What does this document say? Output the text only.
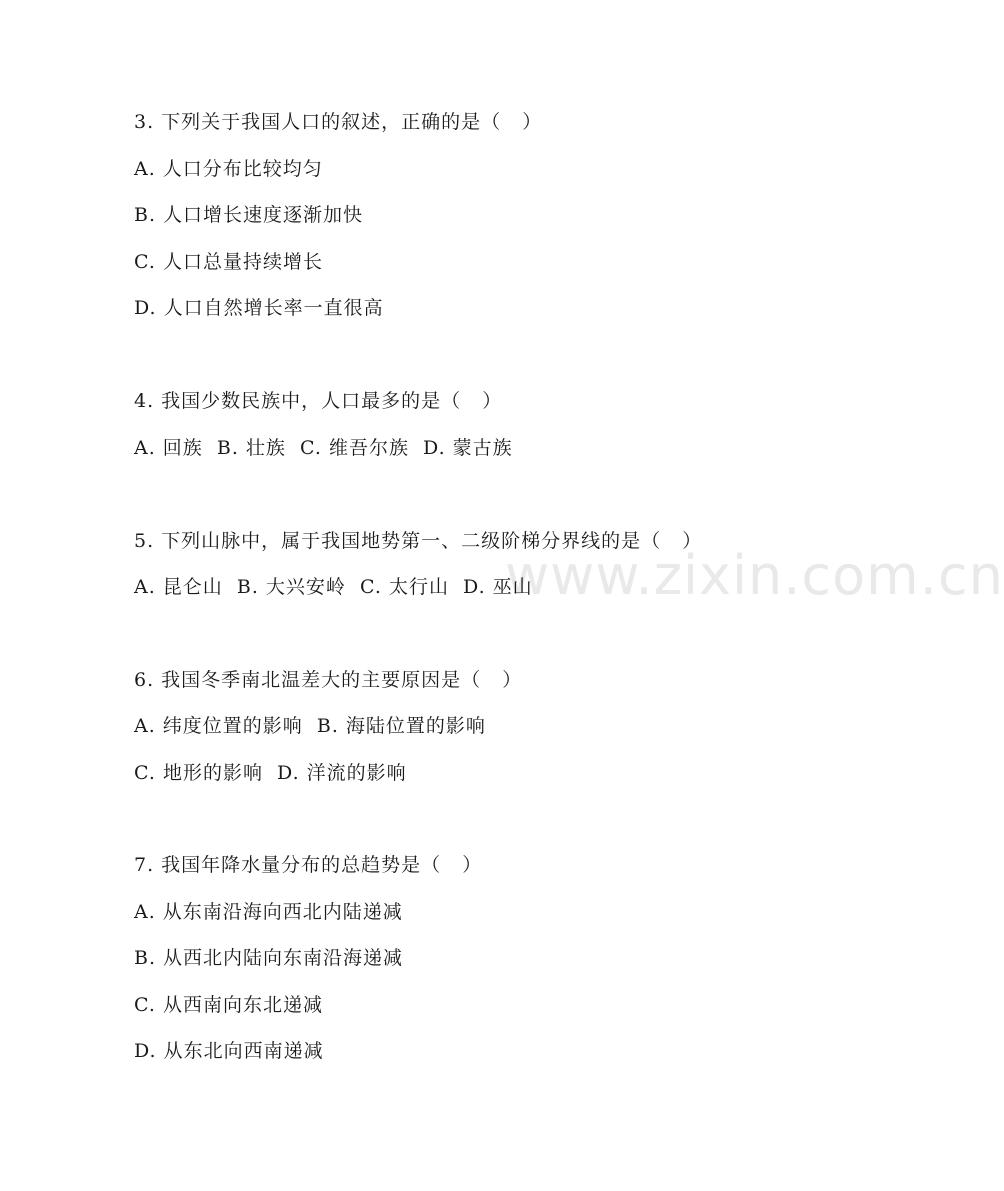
www.zixin.com.cn
3. 下列关于我国人口的叙述，正确的是（   ）
A. 人口分布比较均匀
B. 人口增长速度逐渐加快
C. 人口总量持续增长
D. 人口自然增长率一直很高
4. 我国少数民族中，人口最多的是（   ）
A. 回族  B. 壮族  C. 维吾尔族  D. 蒙古族
5. 下列山脉中，属于我国地势第一、二级阶梯分界线的是（   ）
A. 昆仑山  B. 大兴安岭  C. 太行山  D. 巫山
6. 我国冬季南北温差大的主要原因是（   ）
A. 纬度位置的影响  B. 海陆位置的影响
C. 地形的影响  D. 洋流的影响
7. 我国年降水量分布的总趋势是（   ）
A. 从东南沿海向西北内陆递减
B. 从西北内陆向东南沿海递减
C. 从西南向东北递减
D. 从东北向西南递减
